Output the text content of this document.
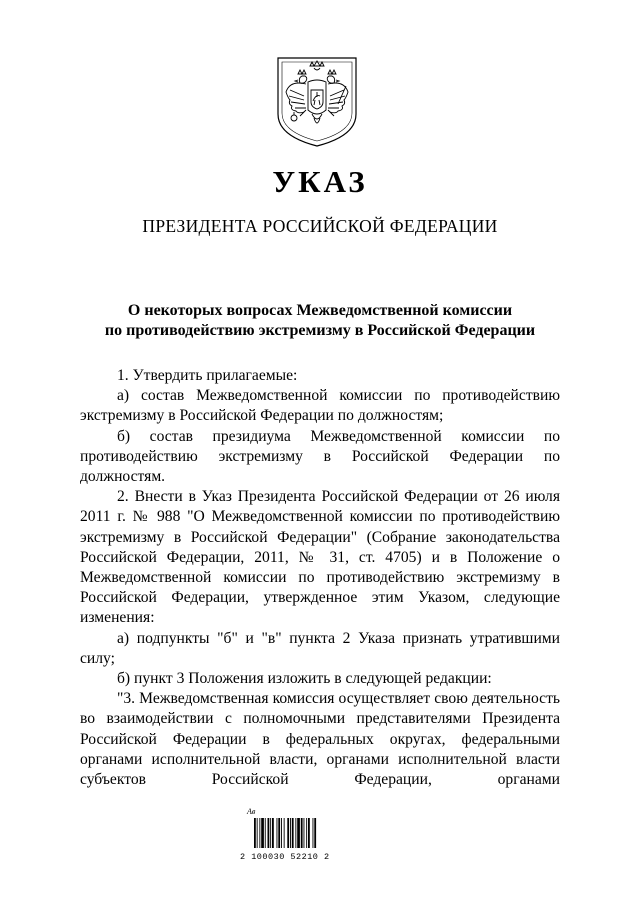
УКАЗ
ПРЕЗИДЕНТА РОССИЙСКОЙ ФЕДЕРАЦИИ
О некоторых вопросах Межведомственной комиссии
по противодействию экстремизму в Российской Федерации

1. Утвердить прилагаемые:

а) состав Межведомственной комиссии по противодействию экстремизму в Российской Федерации по должностям;

б) состав президиума Межведомственной комиссии по противодействию экстремизму в Российской Федерации по должностям.

2. Внести в Указ Президента Российской Федерации от 26 июля 2011 г. № 988 "О Межведомственной комиссии по противодействию экстремизму в Российской Федерации" (Собрание законодательства Российской Федерации, 2011, № 31, ст. 4705) и в Положение о Межведомственной комиссии по противодействию экстремизму в Российской Федерации, утвержденное этим Указом, следующие изменения:

а) подпункты "б" и "в" пункта 2 Указа признать утратившими силу;

б) пункт 3 Положения изложить в следующей редакции:

"3. Межведомственная комиссия осуществляет свою деятельность во взаимодействии с полномочными представителями Президента Российской Федерации в федеральных округах, федеральными органами исполнительной власти, органами исполнительной власти субъектов Российской Федерации, органами

Ав
2 100030 52210 2
